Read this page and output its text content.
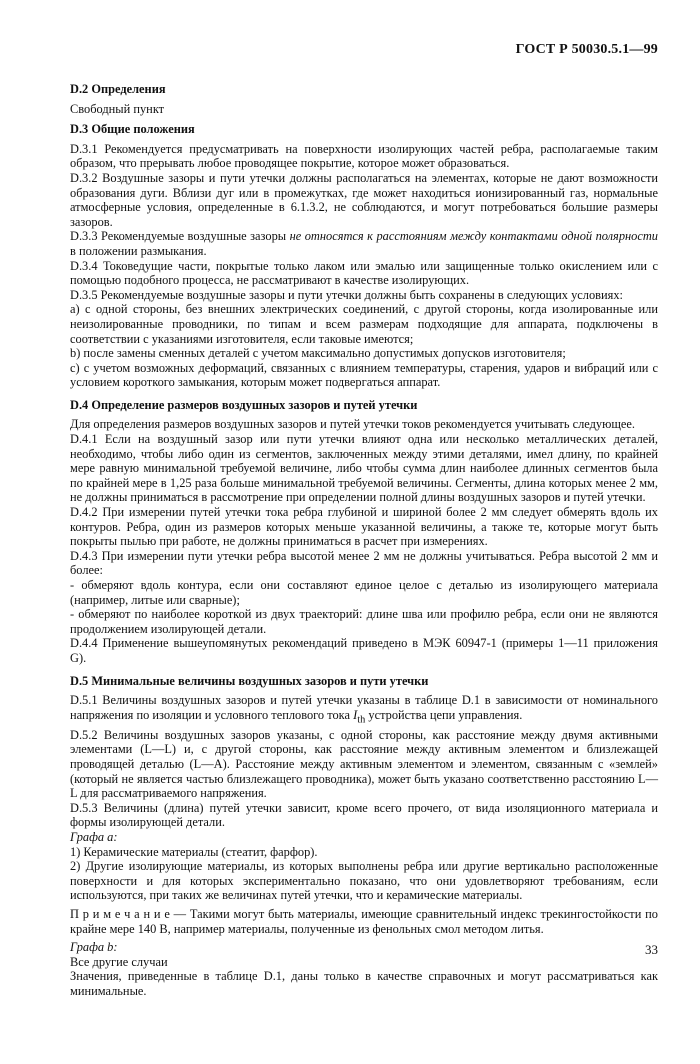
ГОСТ Р 50030.5.1—99
D.2 Определения

Свободный пункт

D.3 Общие положения

D.3.1 Рекомендуется предусматривать на поверхности изолирующих частей ребра, располагаемые таким образом, что прерывать любое проводящее покрытие, которое может образоваться.

D.3.2 Воздушные зазоры и пути утечки должны располагаться на элементах, которые не дают возможности образования дуги. Вблизи дуг или в промежутках, где может находиться ионизированный газ, нормальные атмосферные условия, определенные в 6.1.3.2, не соблюдаются, и могут потребоваться большие размеры зазоров.

D.3.3 Рекомендуемые воздушные зазоры не относятся к расстояниям между контактами одной полярности в положении размыкания.

D.3.4 Токоведущие части, покрытые только лаком или эмалью или защищенные только окислением или с помощью подобного процесса, не рассматривают в качестве изолирующих.

D.3.5 Рекомендуемые воздушные зазоры и пути утечки должны быть сохранены в следующих условиях:

а) с одной стороны, без внешних электрических соединений, с другой стороны, когда изолированные или неизолированные проводники, по типам и всем размерам подходящие для аппарата, подключены в соответствии с указаниями изготовителя, если таковые имеются;

b) после замены сменных деталей с учетом максимально допустимых допусков изготовителя;

c) с учетом возможных деформаций, связанных с влиянием температуры, старения, ударов и вибраций или с условием короткого замыкания, которым может подвергаться аппарат.

D.4 Определение размеров воздушных зазоров и путей утечки

Для определения размеров воздушных зазоров и путей утечки токов рекомендуется учитывать следующее.

D.4.1 Если на воздушный зазор или пути утечки влияют одна или несколько металлических деталей, необходимо, чтобы либо один из сегментов, заключенных между этими деталями, имел длину, по крайней мере равную минимальной требуемой величине, либо чтобы сумма длин наиболее длинных сегментов была по крайней мере в 1,25 раза больше минимальной требуемой величины. Сегменты, длина которых менее 2 мм, не должны приниматься в рассмотрение при определении полной длины воздушных зазоров и путей утечки.

D.4.2 При измерении путей утечки тока ребра глубиной и шириной более 2 мм следует обмерять вдоль их контуров. Ребра, один из размеров которых меньше указанной величины, а также те, которые могут быть покрыты пылью при работе, не должны приниматься в расчет при измерениях.

D.4.3 При измерении пути утечки ребра высотой менее 2 мм не должны учитываться. Ребра высотой 2 мм и более:

- обмеряют вдоль контура, если они составляют единое целое с деталью из изолирующего материала (например, литые или сварные);

- обмеряют по наиболее короткой из двух траекторий: длине шва или профилю ребра, если они не являются продолжением изолирующей детали.

D.4.4 Применение вышеупомянутых рекомендаций приведено в МЭК 60947-1 (примеры 1—11 приложения G).

D.5 Минимальные величины воздушных зазоров и пути утечки

D.5.1 Величины воздушных зазоров и путей утечки указаны в таблице D.1 в зависимости от номинального напряжения по изоляции и условного теплового тока $I_{th}$ устройства цепи управления.

D.5.2 Величины воздушных зазоров указаны, с одной стороны, как расстояние между двумя активными элементами (L—L) и, с другой стороны, как расстояние между активным элементом и близлежащей проводящей деталью (L—A). Расстояние между активным элементом и элементом, связанным с «землей» (который не является частью близлежащего проводника), может быть указано соответственно расстоянию L—L для рассматриваемого напряжения.

D.5.3 Величины (длина) путей утечки зависит, кроме всего прочего, от вида изоляционного материала и формы изолирующей детали.

Графа а:

1) Керамические материалы (стеатит, фарфор).

2) Другие изолирующие материалы, из которых выполнены ребра или другие вертикально расположенные поверхности и для которых экспериментально показано, что они удовлетворяют требованиям, если используются, при таких же величинах путей утечки, что и керамические материалы.

П р и м е ч а н и е — Такими могут быть материалы, имеющие сравнительный индекс трекингостойкости по крайне мере 140 В, например материалы, полученные из фенольных смол методом литья.

Графа b:

Все другие случаи

Значения, приведенные в таблице D.1, даны только в качестве справочных и могут рассматриваться как минимальные.

33
